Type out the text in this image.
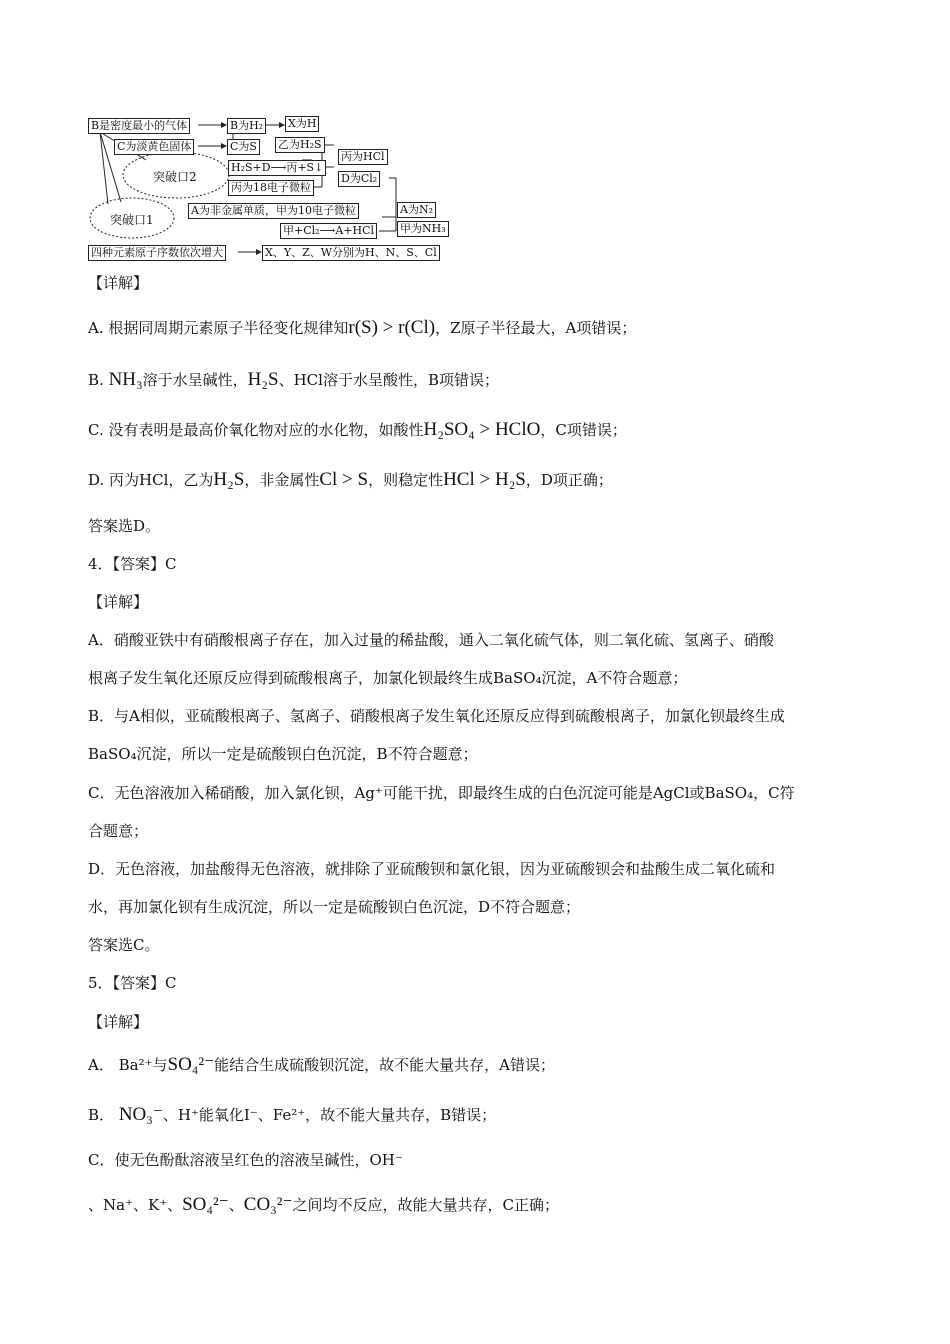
B是密度最小的气体	B为H₂ X为H
C为淡黄色固体	C为S 乙为H₂S
H₂S+D⟶丙+S↓
丙为HCl
丙为18电子微粒
D为Cl₂
突破口2
突破口1
A为非金属单质，甲为10电子微粒	A为N₂
甲+Cl₂⟶A+HCl 甲为NH₃
四种元素原子序数依次增大	X、Y、Z、W分别为H、N、S、Cl
【详解】
A. 根据同周期元素原子半径变化规律知r(S) > r(Cl)，Z原子半径最大，A项错误；
B. NH₃溶于水呈碱性，H₂S、HCl溶于水呈酸性，B项错误；
C. 没有表明是最高价氧化物对应的水化物，如酸性H₂SO₄ > HClO，C项错误；
D. 丙为HCl，乙为H₂S，非金属性Cl > S，则稳定性HCl > H₂S，D项正确；
答案选D。
4．【答案】C
【详解】
A．硝酸亚铁中有硝酸根离子存在，加入过量的稀盐酸，通入二氧化硫气体，则二氧化硫、氢离子、硝酸
根离子发生氧化还原反应得到硫酸根离子，加氯化钡最终生成BaSO₄沉淀，A不符合题意；
B．与A相似，亚硫酸根离子、氢离子、硝酸根离子发生氧化还原反应得到硫酸根离子，加氯化钡最终生成
BaSO₄沉淀，所以一定是硫酸钡白色沉淀，B不符合题意；
C．无色溶液加入稀硝酸，加入氯化钡，Ag⁺可能干扰，即最终生成的白色沉淀可能是AgCl或BaSO₄，C符
合题意；
D．无色溶液，加盐酸得无色溶液，就排除了亚硫酸钡和氯化银，因为亚硫酸钡会和盐酸生成二氧化硫和
水，再加氯化钡有生成沉淀，所以一定是硫酸钡白色沉淀，D不符合题意；
答案选C。
5．【答案】C
【详解】
A． Ba²⁺与SO₄²⁻能结合生成硫酸钡沉淀，故不能大量共存，A错误；
B． NO₃⁻、H⁺能氧化I⁻、Fe²⁺，故不能大量共存，B错误；
C．使无色酚酞溶液呈红色的溶液呈碱性，OH⁻
、Na⁺、K⁺、SO₄²⁻、CO₃²⁻之间均不反应，故能大量共存，C正确；
